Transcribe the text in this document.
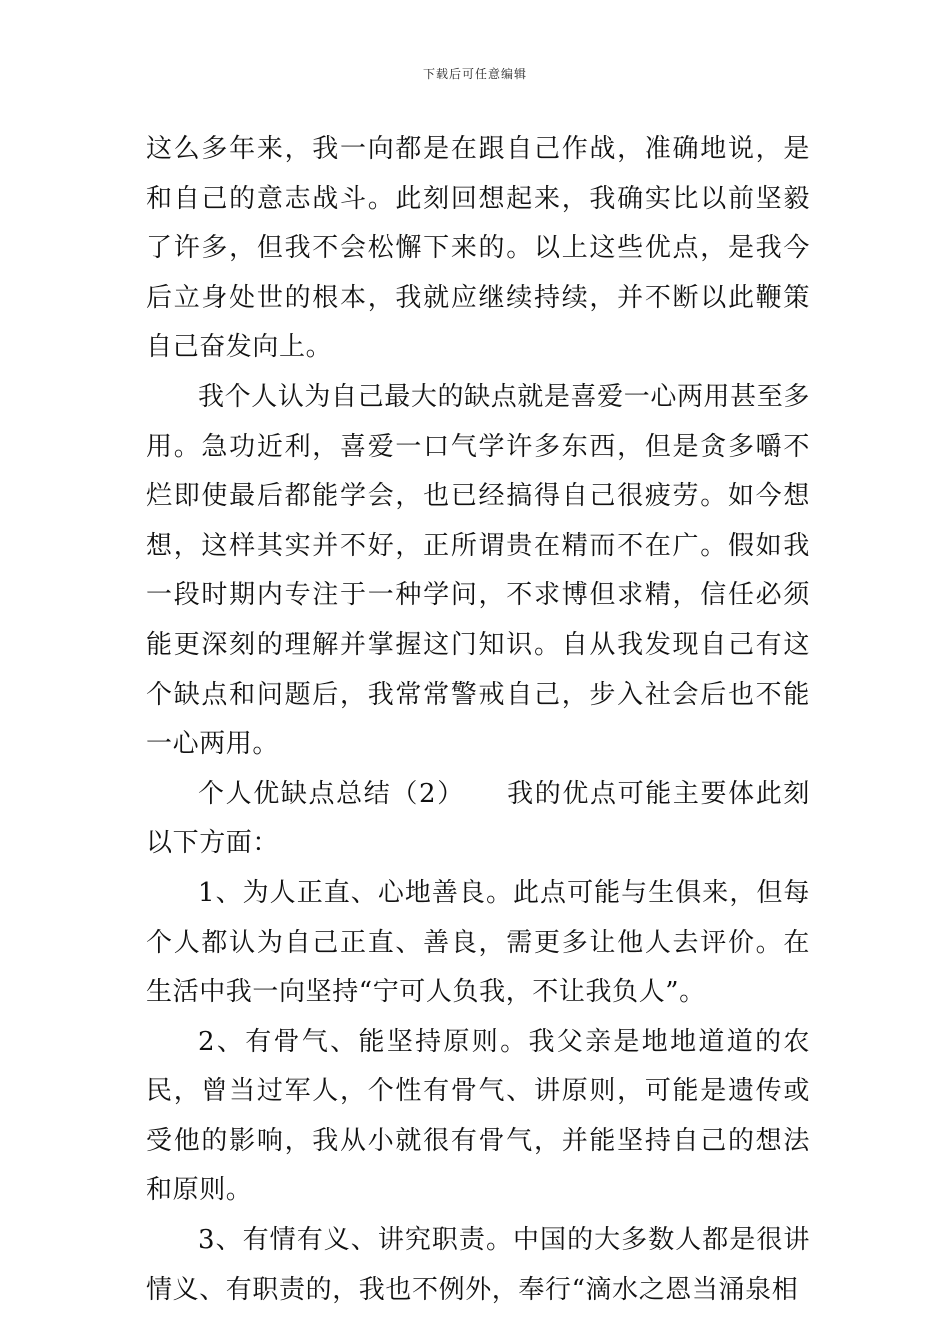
下载后可任意编辑

这么多年来，我一向都是在跟自己作战，准确地说，是和自己的意志战斗。此刻回想起来，我确实比以前坚毅了许多，但我不会松懈下来的。以上这些优点，是我今后立身处世的根本，我就应继续持续，并不断以此鞭策自己奋发向上。

我个人认为自己最大的缺点就是喜爱一心两用甚至多用。急功近利，喜爱一口气学许多东西，但是贪多嚼不烂即使最后都能学会，也已经搞得自己很疲劳。如今想想，这样其实并不好，正所谓贵在精而不在广。假如我一段时期内专注于一种学问，不求博但求精，信任必须能更深刻的理解并掌握这门知识。自从我发现自己有这个缺点和问题后，我常常警戒自己，步入社会后也不能一心两用。

个人优缺点总结（2）　　我的优点可能主要体此刻以下方面：

1、为人正直、心地善良。此点可能与生俱来，但每个人都认为自己正直、善良，需更多让他人去评价。在生活中我一向坚持“宁可人负我，不让我负人”。

2、有骨气、能坚持原则。我父亲是地地道道的农民，曾当过军人，个性有骨气、讲原则，可能是遗传或受他的影响，我从小就很有骨气，并能坚持自己的想法和原则。

3、有情有义、讲究职责。中国的大多数人都是很讲情义、有职责的，我也不例外，奉行“滴水之恩当涌泉相
